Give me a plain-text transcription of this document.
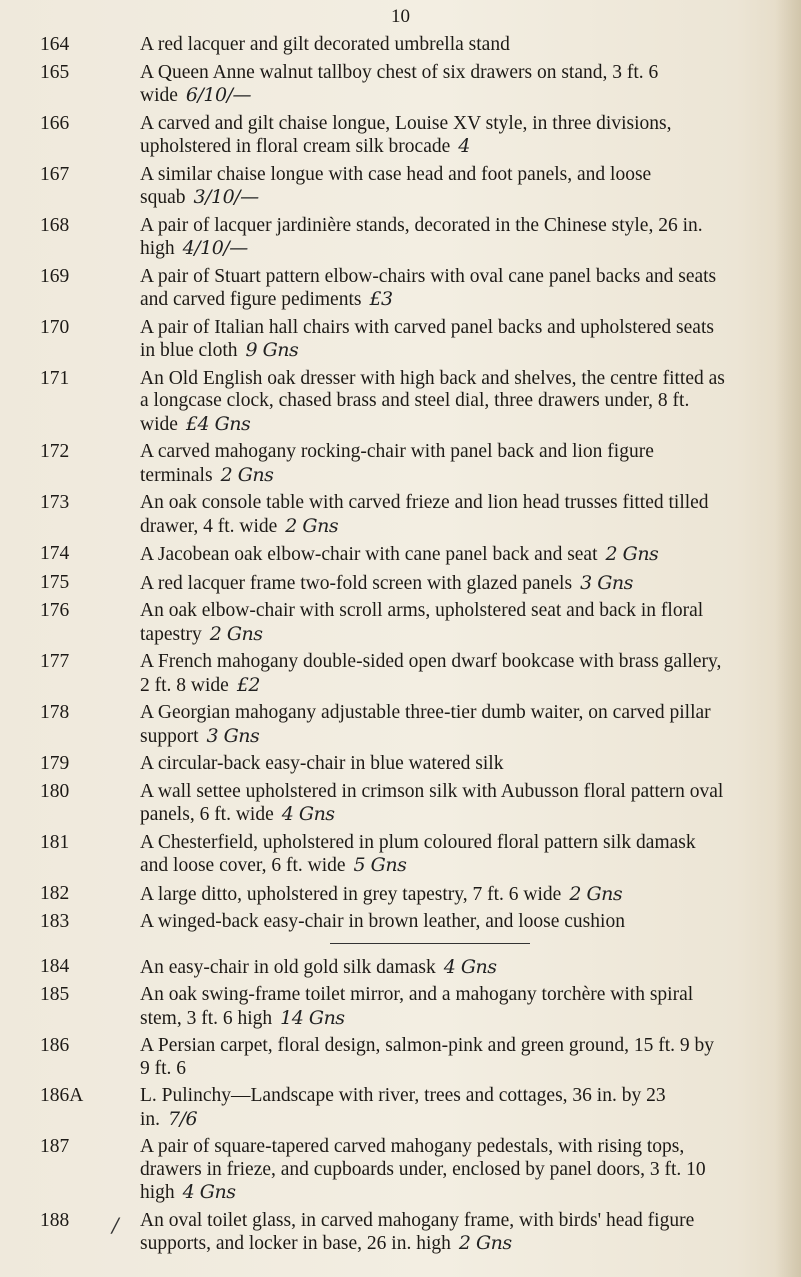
10
164	A red lacquer and gilt decorated umbrella stand
165	A Queen Anne walnut tallboy chest of six drawers on stand, 3 ft. 6 wide 6/10/—
166	A carved and gilt chaise longue, Louise XV style, in three divisions, upholstered in floral cream silk brocade 4
167	A similar chaise longue with case head and foot panels, and loose squab 3/10/—
168	A pair of lacquer jardinière stands, decorated in the Chinese style, 26 in. high 4/10/—
169	A pair of Stuart pattern elbow-chairs with oval cane panel backs and seats and carved figure pediments £3
170	A pair of Italian hall chairs with carved panel backs and upholstered seats in blue cloth 9 Gns
171	An Old English oak dresser with high back and shelves, the centre fitted as a longcase clock, chased brass and steel dial, three drawers under, 8 ft. wide £4 Gns
172	A carved mahogany rocking-chair with panel back and lion figure terminals 2 Gns
173	An oak console table with carved frieze and lion head trusses fitted tilled drawer, 4 ft. wide 2 Gns
174	A Jacobean oak elbow-chair with cane panel back and seat 2 Gns
175	A red lacquer frame two-fold screen with glazed panels 3 Gns
176	An oak elbow-chair with scroll arms, upholstered seat and back in floral tapestry 2 Gns
177	A French mahogany double-sided open dwarf bookcase with brass gallery, 2 ft. 8 wide £2
178	A Georgian mahogany adjustable three-tier dumb waiter, on carved pillar support 3 Gns
179	A circular-back easy-chair in blue watered silk
180	A wall settee upholstered in crimson silk with Aubusson floral pattern oval panels, 6 ft. wide 4 Gns
181	A Chesterfield, upholstered in plum coloured floral pattern silk damask and loose cover, 6 ft. wide 5 Gns
182	A large ditto, upholstered in grey tapestry, 7 ft. 6 wide 2 Gns
183	A winged-back easy-chair in brown leather, and loose cushion
184	An easy-chair in old gold silk damask 4 Gns
185	An oak swing-frame toilet mirror, and a mahogany torchère with spiral stem, 3 ft. 6 high 14 Gns
186	A Persian carpet, floral design, salmon-pink and green ground, 15 ft. 9 by 9 ft. 6
186A	L. Pulinchy—Landscape with river, trees and cottages, 36 in. by 23 in. 7/6
187	A pair of square-tapered carved mahogany pedestals, with rising tops, drawers in frieze, and cupboards under, enclosed by panel doors, 3 ft. 10 high 4 Gns
188	An oval toilet glass, in carved mahogany frame, with birds' head figure supports, and locker in base, 26 in. high 2 Gns
/
